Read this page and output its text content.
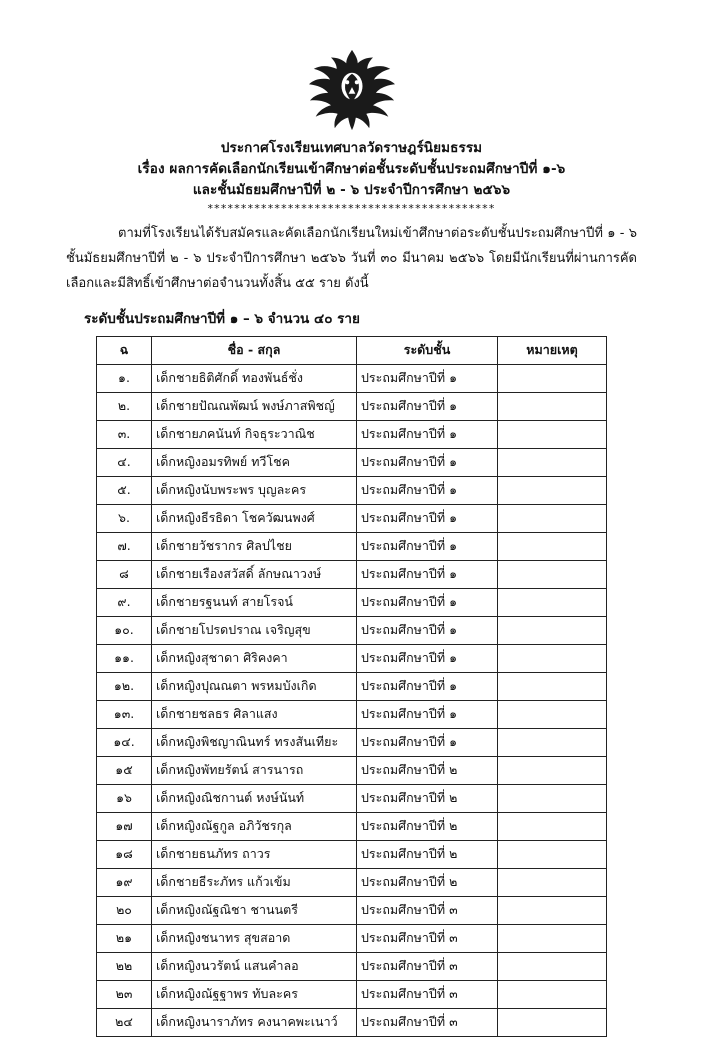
ประกาศโรงเรียนเทศบาลวัดราษฎร์นิยมธรรม
เรื่อง ผลการคัดเลือกนักเรียนเข้าศึกษาต่อชั้นระดับชั้นประถมศึกษาปีที่ ๑-๖
และชั้นมัธยมศึกษาปีที่ ๒ - ๖ ประจำปีการศึกษา ๒๕๖๖
*******************************************

ตามที่โรงเรียนได้รับสมัครและคัดเลือกนักเรียนใหม่เข้าศึกษาต่อระดับชั้นประถมศึกษาปีที่ ๑ - ๖ ชั้นมัธยมศึกษาปีที่ ๒ - ๖ ประจำปีการศึกษา ๒๕๖๖ วันที่ ๓๐ มีนาคม ๒๕๖๖ โดยมีนักเรียนที่ผ่านการคัดเลือกและมีสิทธิ์เข้าศึกษาต่อจำนวนทั้งสิ้น ๕๕ ราย ดังนี้

ระดับชั้นประถมศึกษาปีที่ ๑ – ๖ จำนวน ๔๐ ราย
ฉ	ชื่อ - สกุล	ระดับชั้น	หมายเหตุ
๑.	เด็กชายธิติศักดิ์ ทองพันธ์ชั่ง	ประถมศึกษาปีที่ ๑	
๒.	เด็กชายปัณณพัฒน์ พงษ์ภาสพิชญ์	ประถมศึกษาปีที่ ๑	
๓.	เด็กชายภคนันท์ กิจธุระวาณิช	ประถมศึกษาปีที่ ๑	
๔.	เด็กหญิงอมรทิพย์ ทวีโชค	ประถมศึกษาปีที่ ๑	
๕.	เด็กหญิงนับพระพร บุญละคร	ประถมศึกษาปีที่ ๑	
๖.	เด็กหญิงธีรธิดา โชควัฒนพงศ์	ประถมศึกษาปีที่ ๑	
๗.	เด็กชายวัชรากร ศิลปไชย	ประถมศึกษาปีที่ ๑	
๘	เด็กชายเรืองสวัสดิ์ ลักษณาวงษ์	ประถมศึกษาปีที่ ๑	
๙.	เด็กชายรฐนนท์ สายโรจน์	ประถมศึกษาปีที่ ๑	
๑๐.	เด็กชายโปรดปราณ เจริญสุข	ประถมศึกษาปีที่ ๑	
๑๑.	เด็กหญิงสุชาดา ศิริคงคา	ประถมศึกษาปีที่ ๑	
๑๒.	เด็กหญิงปุณณตา พรหมบังเกิด	ประถมศึกษาปีที่ ๑	
๑๓.	เด็กชายชลธร ศิลาแสง	ประถมศึกษาปีที่ ๑	
๑๔.	เด็กหญิงพิชญาณินทร์ ทรงสันเทียะ	ประถมศึกษาปีที่ ๑	
๑๕	เด็กหญิงพัทยรัตน์ สารนารถ	ประถมศึกษาปีที่ ๒	
๑๖	เด็กหญิงณิชกานต์ หงษ์นันท์	ประถมศึกษาปีที่ ๒	
๑๗	เด็กหญิงณัฐกูล อภิวัชรกุล	ประถมศึกษาปีที่ ๒	
๑๘	เด็กชายธนภัทร ถาวร	ประถมศึกษาปีที่ ๒	
๑๙	เด็กชายธีระภัทร แก้วเข้ม	ประถมศึกษาปีที่ ๒	
๒๐	เด็กหญิงณัฐณิชา ชานนตรี	ประถมศึกษาปีที่ ๓	
๒๑	เด็กหญิงชนาทร สุขสอาด	ประถมศึกษาปีที่ ๓	
๒๒	เด็กหญิงนวรัตน์ แสนคำลอ	ประถมศึกษาปีที่ ๓	
๒๓	เด็กหญิงณัฐฐาพร ทับละคร	ประถมศึกษาปีที่ ๓	
๒๔	เด็กหญิงนาราภัทร คงนาคพะเนาว์	ประถมศึกษาปีที่ ๓	
